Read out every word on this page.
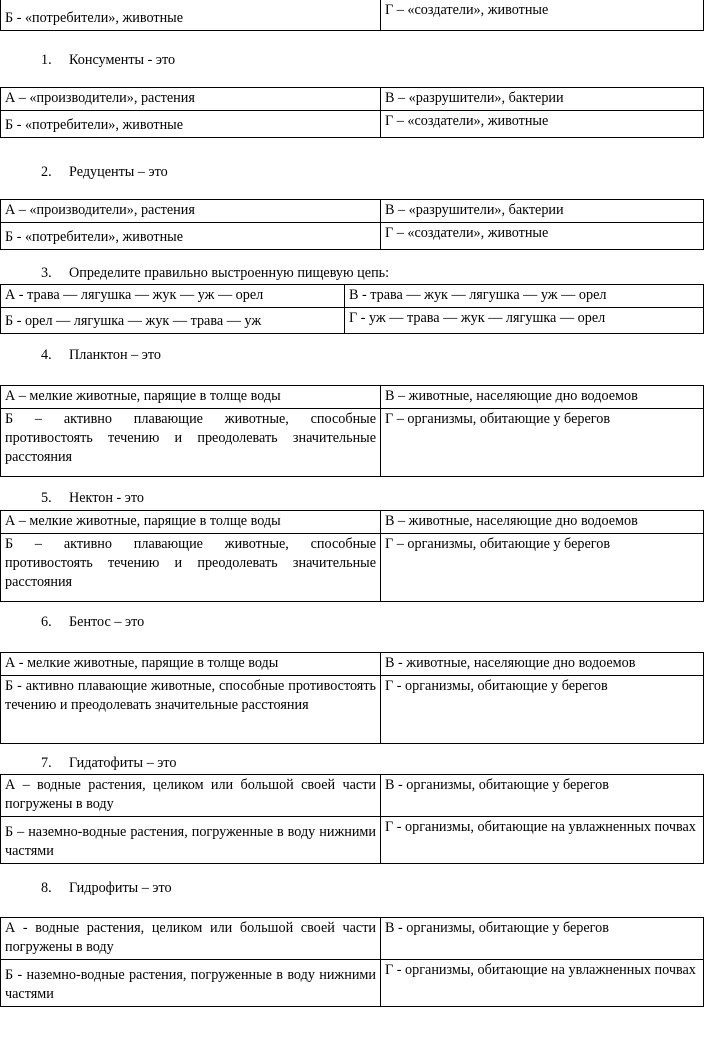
Б - «потребители», животные	Г – «создатели», животные
1. Консументы - это
А – «производители», растения	В – «разрушители», бактерии
Б - «потребители», животные	Г – «создатели», животные
2. Редуценты – это
А – «производители», растения	В – «разрушители», бактерии
Б - «потребители», животные	Г – «создатели», животные
3. Определите правильно выстроенную пищевую цепь:
А - трава — лягушка — жук — уж — орел	В - трава — жук — лягушка — уж — орел
Б - орел — лягушка — жук — трава — уж	Г - уж — трава — жук — лягушка — орел
4. Планктон – это
А – мелкие животные, парящие в толще воды	В – животные, населяющие дно водоемов
Б – активно плавающие животные, способные противостоять течению и преодолевать значительные расстояния	Г – организмы, обитающие у берегов
5. Нектон - это
А – мелкие животные, парящие в толще воды	В – животные, населяющие дно водоемов
Б – активно плавающие животные, способные противостоять течению и преодолевать значительные расстояния	Г – организмы, обитающие у берегов
6. Бентос – это
А - мелкие животные, парящие в толще воды	В - животные, населяющие дно водоемов
Б - активно плавающие животные, способные противостоять течению и преодолевать значительные расстояния	Г - организмы, обитающие у берегов
7. Гидатофиты – это
А – водные растения, целиком или большой своей части погружены в воду	В - организмы, обитающие у берегов
Б – наземно-водные растения, погруженные в воду нижними частями	Г - организмы, обитающие на увлажненных почвах
8. Гидрофиты – это
А - водные растения, целиком или большой своей части погружены в воду	В - организмы, обитающие у берегов
Б - наземно-водные растения, погруженные в воду нижними частями	Г - организмы, обитающие на увлажненных почвах
